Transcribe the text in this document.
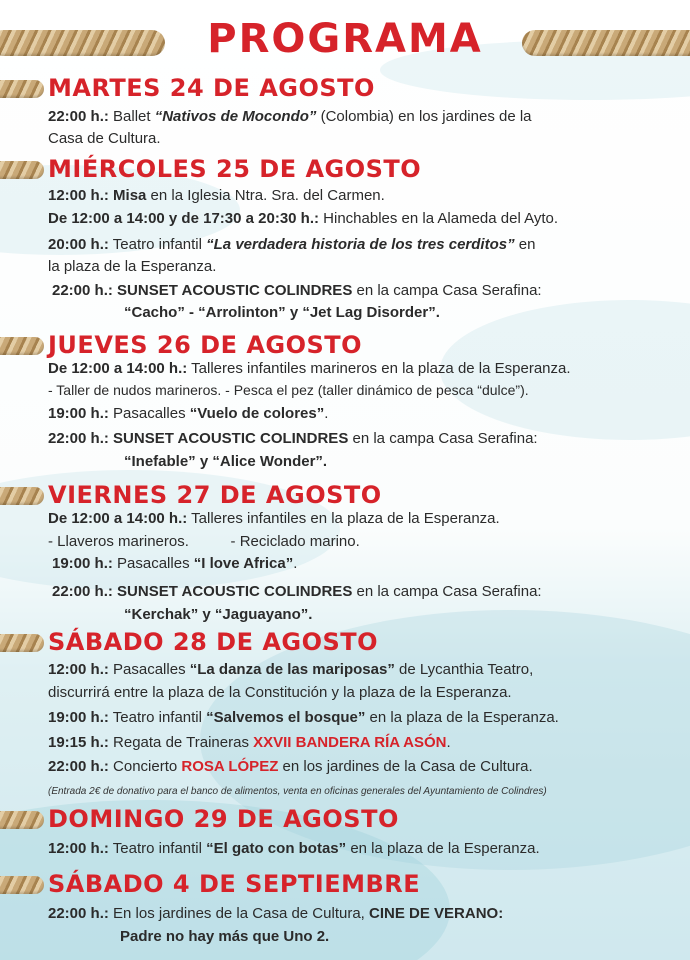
PROGRAMA
MARTES 24 DE AGOSTO
22:00 h.: Ballet “Nativos de Mocondo” (Colombia) en los jardines de la
Casa de Cultura.
MIÉRCOLES 25 DE AGOSTO
12:00 h.: Misa en la Iglesia Ntra. Sra. del Carmen.
De 12:00 a 14:00 y de 17:30 a 20:30 h.: Hinchables en la Alameda del Ayto.
20:00 h.: Teatro infantil “La verdadera historia de los tres cerditos” en
la plaza de la Esperanza.
22:00 h.: SUNSET ACOUSTIC COLINDRES en la campa Casa Serafina:
“Cacho” - “Arrolinton” y “Jet Lag Disorder”.
JUEVES 26 DE AGOSTO
De 12:00 a 14:00 h.: Talleres infantiles marineros en la plaza de la Esperanza.
- Taller de nudos marineros. - Pesca el pez (taller dinámico de pesca “dulce”).
19:00 h.: Pasacalles “Vuelo de colores”.
22:00 h.: SUNSET ACOUSTIC COLINDRES en la campa Casa Serafina:
“Inefable” y “Alice Wonder”.
VIERNES 27 DE AGOSTO
De 12:00 a 14:00 h.: Talleres infantiles en la plaza de la Esperanza.
- Llaveros marineros.          - Reciclado marino.
19:00 h.: Pasacalles “I love Africa”.
22:00 h.: SUNSET ACOUSTIC COLINDRES en la campa Casa Serafina:
“Kerchak” y “Jaguayano”.
SÁBADO 28 DE AGOSTO
12:00 h.: Pasacalles “La danza de las mariposas” de Lycanthia Teatro,
discurrirá entre la plaza de la Constitución y la plaza de la Esperanza.
19:00 h.: Teatro infantil “Salvemos el bosque” en la plaza de la Esperanza.
19:15 h.: Regata de Traineras XXVII BANDERA RÍA ASÓN.
22:00 h.: Concierto ROSA LÓPEZ en los jardines de la Casa de Cultura.
(Entrada 2€ de donativo para el banco de alimentos, venta en oficinas generales del Ayuntamiento de Colindres)
DOMINGO 29 DE AGOSTO
12:00 h.: Teatro infantil “El gato con botas” en la plaza de la Esperanza.
SÁBADO 4 DE SEPTIEMBRE
22:00 h.: En los jardines de la Casa de Cultura, CINE DE VERANO:
Padre no hay más que Uno 2.
